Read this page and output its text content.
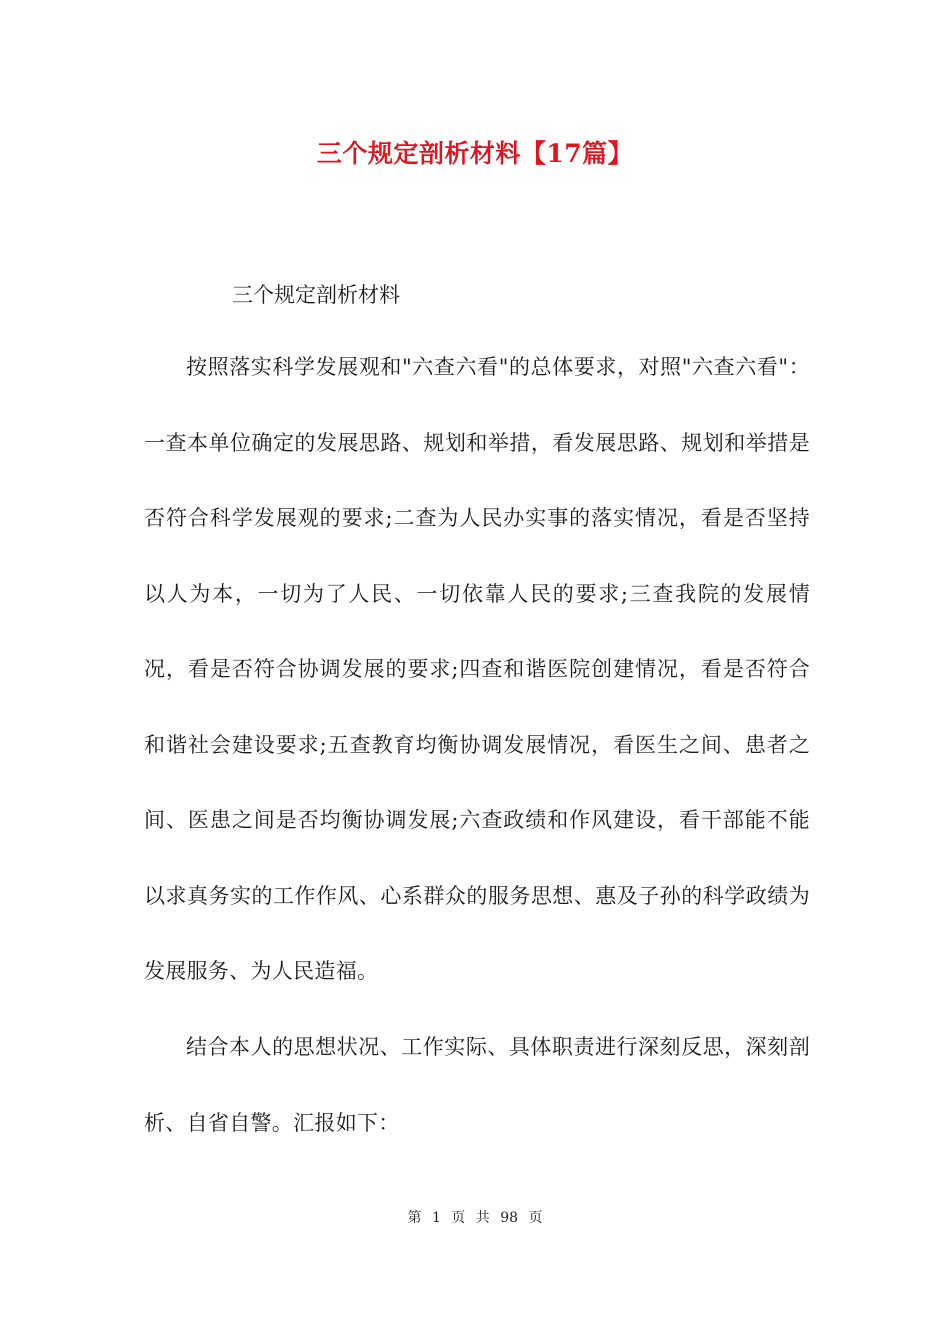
三个规定剖析材料【17篇】

三个规定剖析材料

按照落实科学发展观和"六查六看"的总体要求，对照"六查六看"：一查本单位确定的发展思路、规划和举措，看发展思路、规划和举措是否符合科学发展观的要求;二查为人民办实事的落实情况，看是否坚持以人为本，一切为了人民、一切依靠人民的要求;三查我院的发展情况，看是否符合协调发展的要求;四查和谐医院创建情况，看是否符合和谐社会建设要求;五查教育均衡协调发展情况，看医生之间、患者之间、医患之间是否均衡协调发展;六查政绩和作风建设，看干部能不能以求真务实的工作作风、心系群众的服务思想、惠及子孙的科学政绩为发展服务、为人民造福。

结合本人的思想状况、工作实际、具体职责进行深刻反思，深刻剖析、自省自警。汇报如下：

第 1 页 共 98 页
